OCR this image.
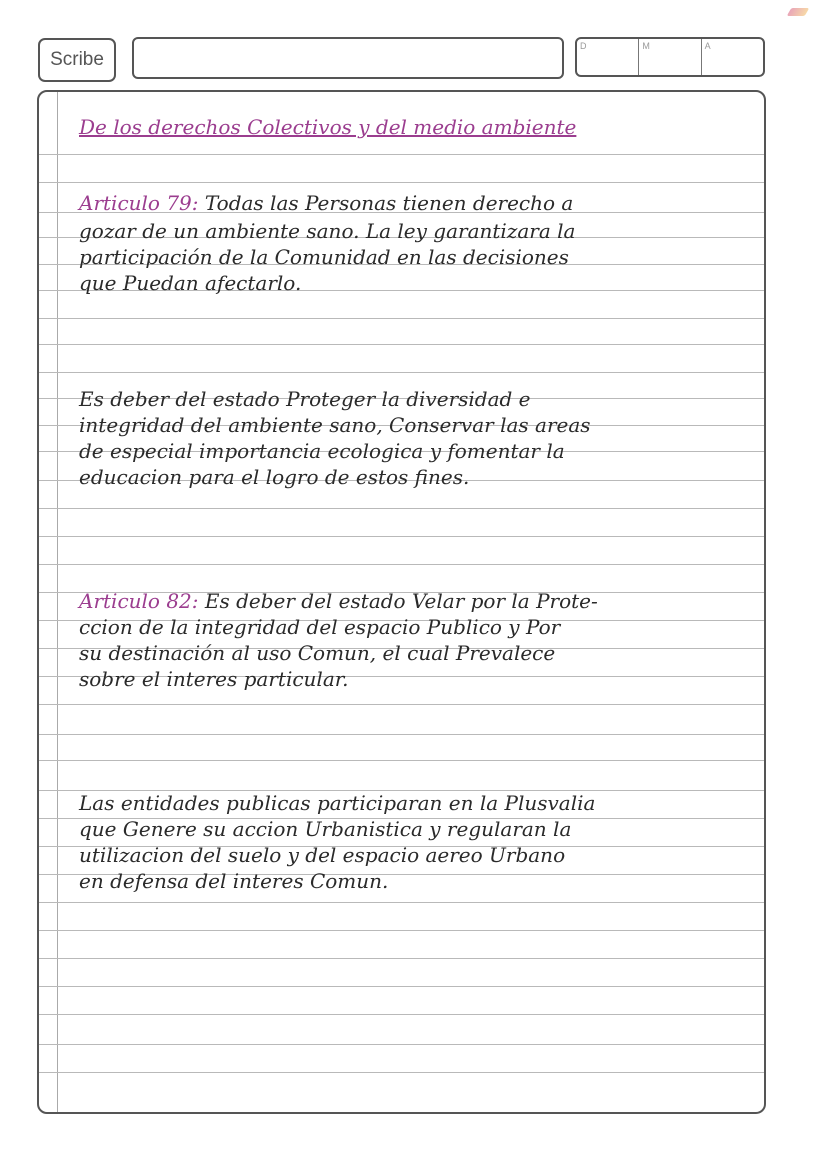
Scribe
D	M	A
De los derechos Colectivos y del medio ambiente
Articulo 79: Todas las Personas tienen derecho a
gozar de un ambiente sano. La ley garantizara la
participación de la Comunidad en las decisiones
que Puedan afectarlo.
Es deber del estado Proteger la diversidad e
integridad del ambiente sano, Conservar las areas
de especial importancia ecologica y fomentar la
educacion para el logro de estos fines.
Articulo 82: Es deber del estado Velar por la Prote-
ccion de la integridad del espacio Publico y Por
su destinación al uso Comun, el cual Prevalece
sobre el interes particular.
Las entidades publicas participaran en la Plusvalia
que Genere su accion Urbanistica y regularan la
utilizacion del suelo y del espacio aereo Urbano
en defensa del interes Comun.
